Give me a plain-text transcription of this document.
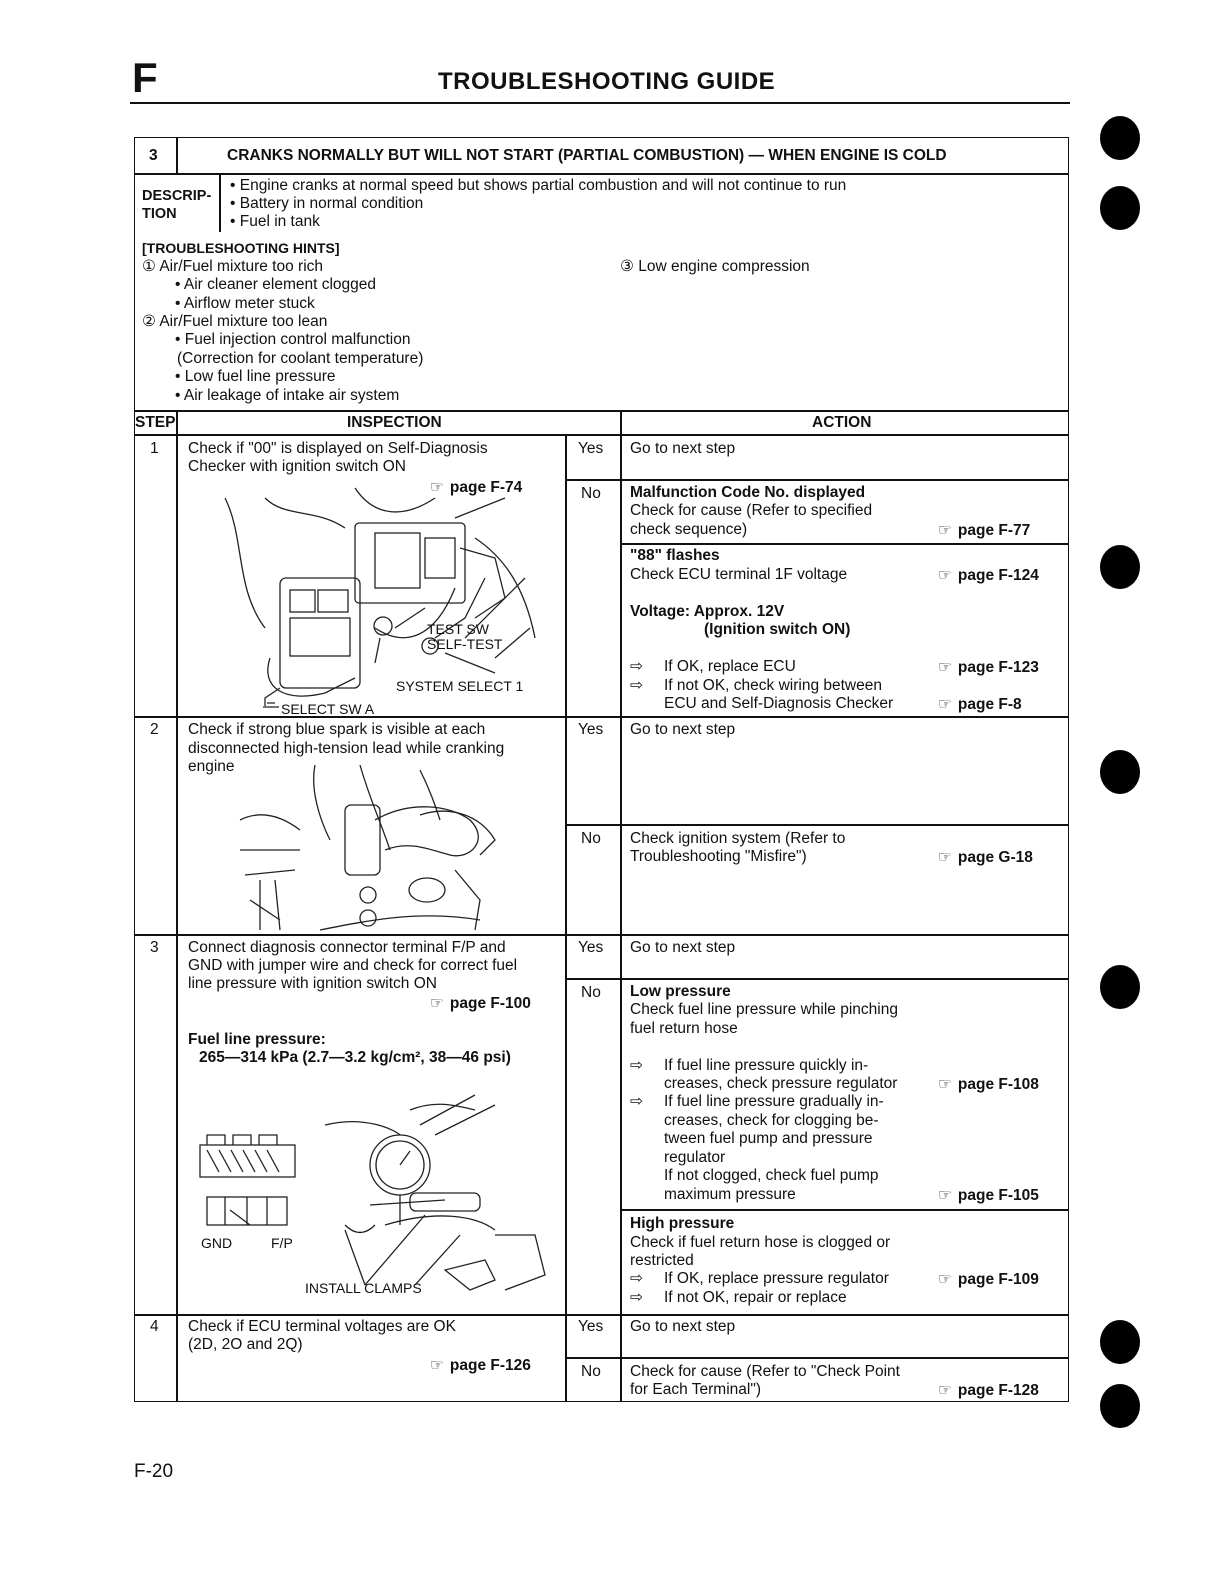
F	TROUBLESHOOTING GUIDE
3	CRANKS NORMALLY BUT WILL NOT START (PARTIAL COMBUSTION) — WHEN ENGINE IS COLD
DESCRIP-
TION
• Engine cranks at normal speed but shows partial combustion and will not continue to run
• Battery in normal condition
• Fuel in tank
[TROUBLESHOOTING HINTS]
① Air/Fuel mixture too rich
• Air cleaner element clogged
• Airflow meter stuck
② Air/Fuel mixture too lean
• Fuel injection control malfunction
(Correction for coolant temperature)
• Low fuel line pressure
• Air leakage of intake air system
③ Low engine compression
STEP	INSPECTION	ACTION
1 Check if "00" is displayed on Self-Diagnosis
Checker with ignition switch ON
☞ page F-74
TEST SW
SELF-TEST
SYSTEM SELECT 1
SELECT SW A
Yes Go to next step
No Malfunction Code No. displayed
Check for cause (Refer to specified
check sequence)	☞ page F-77
"88" flashes
Check ECU terminal 1F voltage	☞ page F-124
Voltage: Approx. 12V
(Ignition switch ON)
⇨ If OK, replace ECU	☞ page F-123
⇨ If not OK, check wiring between
ECU and Self-Diagnosis Checker	☞ page F-8
2 Check if strong blue spark is visible at each
disconnected high-tension lead while cranking
engine
Yes Go to next step
No Check ignition system (Refer to
Troubleshooting "Misfire")	☞ page G-18
3 Connect diagnosis connector terminal F/P and
GND with jumper wire and check for correct fuel
line pressure with ignition switch ON
☞ page F-100
Fuel line pressure:
265—314 kPa (2.7—3.2 kg/cm², 38—46 psi)
GND	F/P
INSTALL CLAMPS
Yes Go to next step
No Low pressure
Check fuel line pressure while pinching
fuel return hose
⇨ If fuel line pressure quickly in-
creases, check pressure regulator	☞ page F-108
⇨ If fuel line pressure gradually in-
creases, check for clogging be-
tween fuel pump and pressure
regulator
If not clogged, check fuel pump
maximum pressure	☞ page F-105
High pressure
Check if fuel return hose is clogged or
restricted
⇨ If OK, replace pressure regulator	☞ page F-109
⇨ If not OK, repair or replace
4 Check if ECU terminal voltages are OK
(2D, 2O and 2Q)
☞ page F-126
Yes Go to next step
No Check for cause (Refer to "Check Point
for Each Terminal")	☞ page F-128
F-20
